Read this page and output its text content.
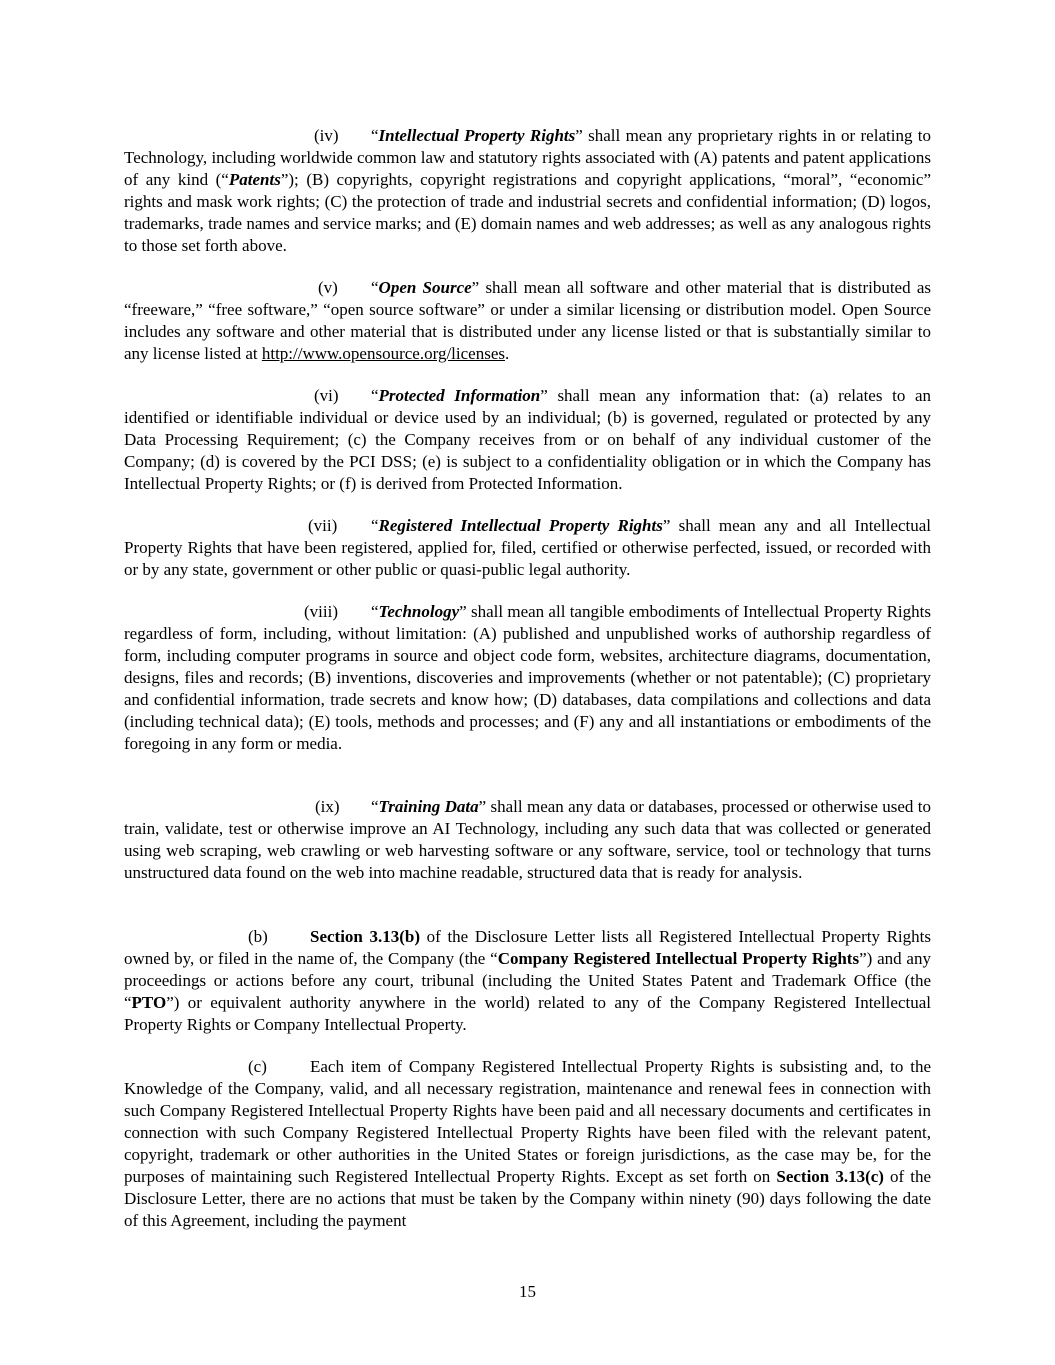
(iv) “Intellectual Property Rights” shall mean any proprietary rights in or relating to Technology, including worldwide common law and statutory rights associated with (A) patents and patent applications of any kind (“Patents”); (B) copyrights, copyright registrations and copyright applications, “moral”, “economic” rights and mask work rights; (C) the protection of trade and industrial secrets and confidential information; (D) logos, trademarks, trade names and service marks; and (E) domain names and web addresses; as well as any analogous rights to those set forth above.

(v) “Open Source” shall mean all software and other material that is distributed as “freeware,” “free software,” “open source software” or under a similar licensing or distribution model. Open Source includes any software and other material that is distributed under any license listed or that is substantially similar to any license listed at http://www.opensource.org/licenses.

(vi) “Protected Information” shall mean any information that: (a) relates to an identified or identifiable individual or device used by an individual; (b) is governed, regulated or protected by any Data Processing Requirement; (c) the Company receives from or on behalf of any individual customer of the Company; (d) is covered by the PCI DSS; (e) is subject to a confidentiality obligation or in which the Company has Intellectual Property Rights; or (f) is derived from Protected Information.

(vii) “Registered Intellectual Property Rights” shall mean any and all Intellectual Property Rights that have been registered, applied for, filed, certified or otherwise perfected, issued, or recorded with or by any state, government or other public or quasi-public legal authority.

(viii) “Technology” shall mean all tangible embodiments of Intellectual Property Rights regardless of form, including, without limitation: (A) published and unpublished works of authorship regardless of form, including computer programs in source and object code form, websites, architecture diagrams, documentation, designs, files and records; (B) inventions, discoveries and improvements (whether or not patentable); (C) proprietary and confidential information, trade secrets and know how; (D) databases, data compilations and collections and data (including technical data); (E) tools, methods and processes; and (F) any and all instantiations or embodiments of the foregoing in any form or media.

(ix) “Training Data” shall mean any data or databases, processed or otherwise used to train, validate, test or otherwise improve an AI Technology, including any such data that was collected or generated using web scraping, web crawling or web harvesting software or any software, service, tool or technology that turns unstructured data found on the web into machine readable, structured data that is ready for analysis.

(b) Section 3.13(b) of the Disclosure Letter lists all Registered Intellectual Property Rights owned by, or filed in the name of, the Company (the “Company Registered Intellectual Property Rights”) and any proceedings or actions before any court, tribunal (including the United States Patent and Trademark Office (the “PTO”) or equivalent authority anywhere in the world) related to any of the Company Registered Intellectual Property Rights or Company Intellectual Property.

(c)	Each item of Company Registered Intellectual Property Rights is subsisting and, to the Knowledge of the Company, valid, and all necessary registration, maintenance and renewal fees in connection with such Company Registered Intellectual Property Rights have been paid and all necessary documents and certificates in connection with such Company Registered Intellectual Property Rights have been filed with the relevant patent, copyright, trademark or other authorities in the United States or foreign jurisdictions, as the case may be, for the purposes of maintaining such Registered Intellectual Property Rights. Except as set forth on Section 3.13(c) of the Disclosure Letter, there are no actions that must be taken by the Company within ninety (90) days following the date of this Agreement, including the payment

15
